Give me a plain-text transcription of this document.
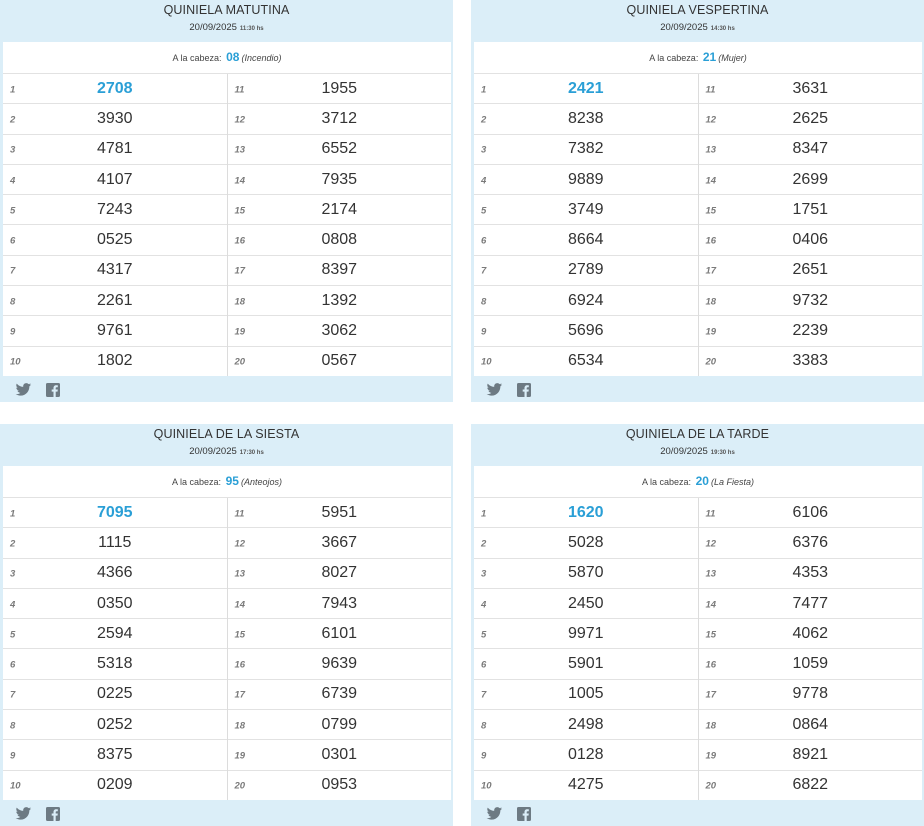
QUINIELA MATUTINA
20/09/2025 11:30 hs
A la cabeza: 08 (Incendio)
1	2708
2	3930
3	4781
4	4107
5	7243
6	0525
7	4317
8	2261
9	9761
10	1802
11	1955
12	3712
13	6552
14	7935
15	2174
16	0808
17	8397
18	1392
19	3062
20	0567
QUINIELA VESPERTINA
20/09/2025 14:30 hs
A la cabeza: 21 (Mujer)
1	2421
2	8238
3	7382
4	9889
5	3749
6	8664
7	2789
8	6924
9	5696
10	6534
11	3631
12	2625
13	8347
14	2699
15	1751
16	0406
17	2651
18	9732
19	2239
20	3383
QUINIELA DE LA SIESTA
20/09/2025 17:30 hs
A la cabeza: 95 (Anteojos)
1	7095
2	1115
3	4366
4	0350
5	2594
6	5318
7	0225
8	0252
9	8375
10	0209
11	5951
12	3667
13	8027
14	7943
15	6101
16	9639
17	6739
18	0799
19	0301
20	0953
QUINIELA DE LA TARDE
20/09/2025 19:30 hs
A la cabeza: 20 (La Fiesta)
1	1620
2	5028
3	5870
4	2450
5	9971
6	5901
7	1005
8	2498
9	0128
10	4275
11	6106
12	6376
13	4353
14	7477
15	4062
16	1059
17	9778
18	0864
19	8921
20	6822
